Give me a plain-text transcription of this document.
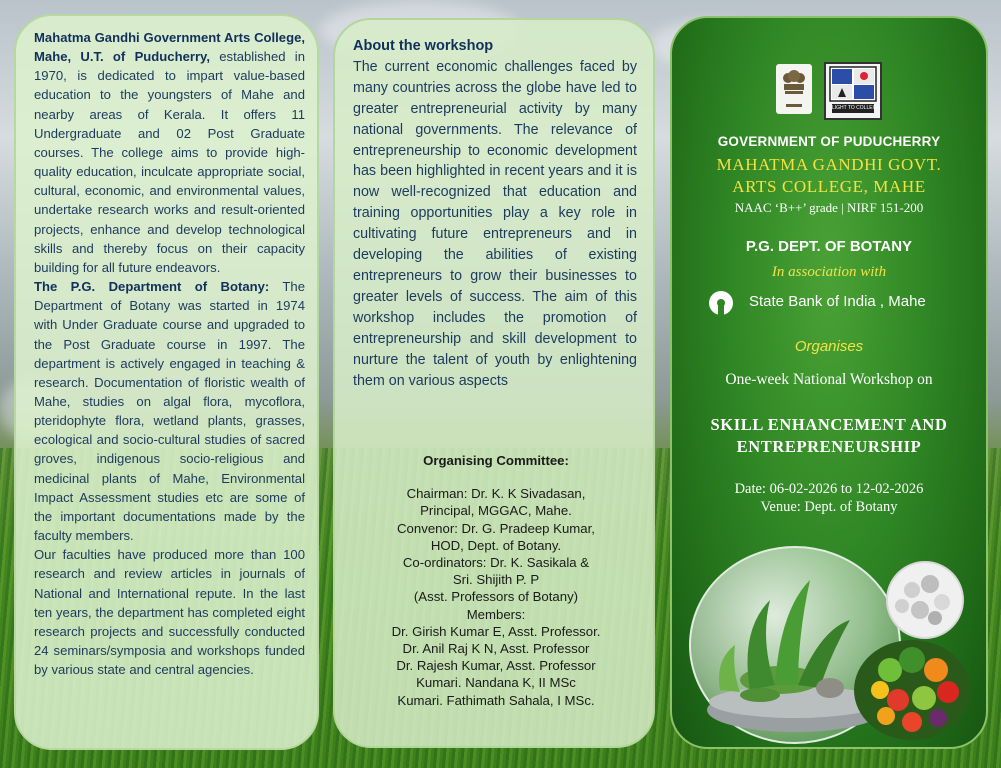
Mahatma Gandhi Government Arts College, Mahe, U.T. of Puducherry, established in 1970, is dedicated to impart value-based education to the youngsters of Mahe and nearby areas of Kerala. It offers 11 Undergraduate and 02 Post Graduate courses. The college aims to provide high-quality education, inculcate appropriate social, cultural, economic, and environmental values, undertake research works and result-oriented projects, enhance and develop technological skills and thereby focus on their capacity building for all future endeavors.
The P.G. Department of Botany: The Department of Botany was started in 1974 with Under Graduate course and upgraded to the Post Graduate course in 1997. The department is actively engaged in teaching & research. Documentation of floristic wealth of Mahe, studies on algal flora, mycoflora, pteridophyte flora, wetland plants, grasses, ecological and socio-cultural studies of sacred groves, indigenous socio-religious and medicinal plants of Mahe, Environmental Impact Assessment studies etc are some of the important documentations made by the faculty members.
Our faculties have produced more than 100 research and review articles in journals of National and International repute. In the last ten years, the department has completed eight research projects and successfully conducted 24 seminars/symposia and workshops funded by various state and central agencies.
About the workshop
The current economic challenges faced by many countries across the globe have led to greater entrepreneurial activity by many national governments. The relevance of entrepreneurship to economic development has been highlighted in recent years and it is now well-recognized that education and training opportunities play a key role in cultivating future entrepreneurs and in developing the abilities of existing entrepreneurs to grow their businesses to greater levels of success. The aim of this workshop includes the promotion of entrepreneurship and skill development to nurture the talent of youth by enlightening them on various aspects
Organising Committee:
Chairman: Dr. K. K Sivadasan,
Principal, MGGAC, Mahe.
Convenor: Dr. G. Pradeep Kumar,
HOD, Dept. of Botany.
Co-ordinators: Dr. K. Sasikala &
Sri. Shijith P. P
(Asst. Professors of Botany)
Members:
Dr. Girish Kumar E, Asst. Professor.
Dr. Anil Raj K N, Asst. Professor
Dr. Rajesh Kumar, Asst. Professor
Kumari. Nandana K, II MSc
Kumari. Fathimath Sahala, I MSc.
LIGHT TO COLLEGE
GOVERNMENT OF PUDUCHERRY
MAHATMA GANDHI GOVT.
ARTS COLLEGE, MAHE
NAAC ‘B++’ grade | NIRF 151-200
P.G. DEPT. OF BOTANY
In association with
State Bank of India , Mahe
Organises
One-week National Workshop on
SKILL ENHANCEMENT AND
ENTREPRENEURSHIP
Date: 06-02-2026 to 12-02-2026
Venue: Dept. of Botany
